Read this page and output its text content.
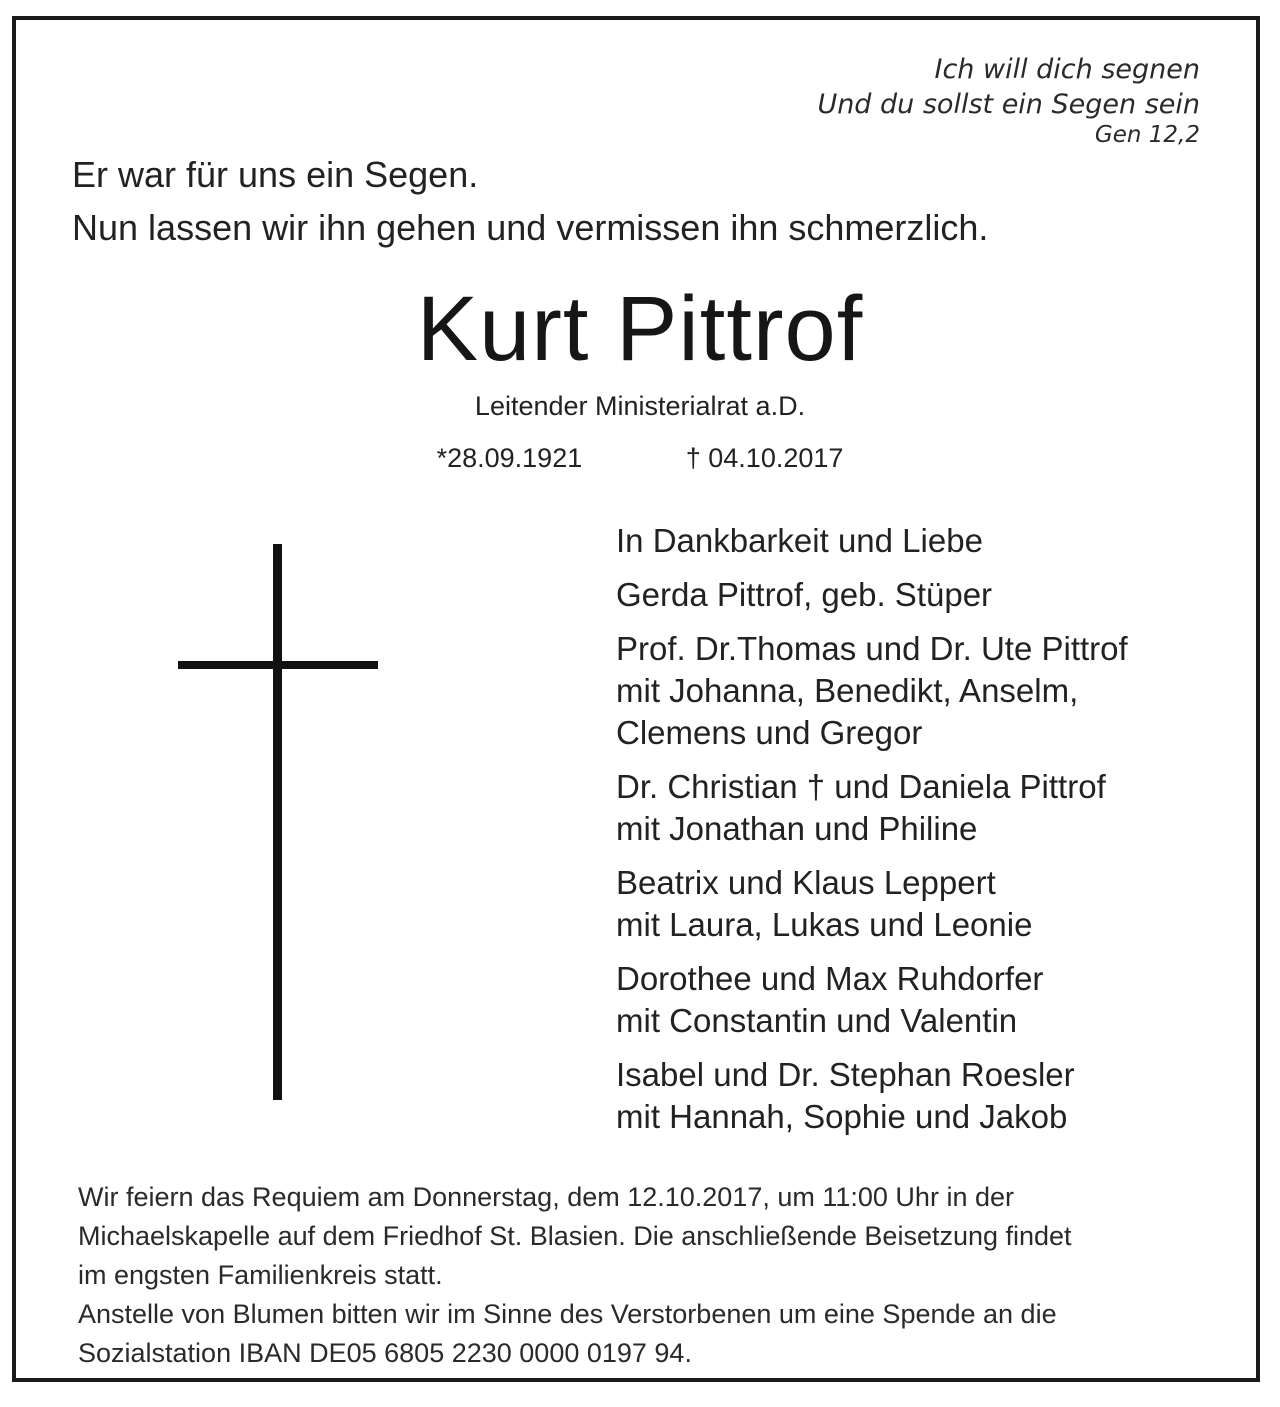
Ich will dich segnen
Und du sollst ein Segen sein
Gen 12,2
Er war für uns ein Segen.
Nun lassen wir ihn gehen und vermissen ihn schmerzlich.
Kurt Pittrof
Leitender Ministerialrat a.D.
*28.09.1921	† 04.10.2017
In Dankbarkeit und Liebe
Gerda Pittrof, geb. Stüper
Prof. Dr.Thomas und Dr. Ute Pittrof
mit Johanna, Benedikt, Anselm,
Clemens und Gregor
Dr. Christian † und Daniela Pittrof
mit Jonathan und Philine
Beatrix und Klaus Leppert
mit Laura, Lukas und Leonie
Dorothee und Max Ruhdorfer
mit Constantin und Valentin
Isabel und Dr. Stephan Roesler
mit Hannah, Sophie und Jakob
Wir feiern das Requiem am Donnerstag, dem 12.10.2017, um 11:00 Uhr in der
Michaelskapelle auf dem Friedhof St. Blasien. Die anschließende Beisetzung findet
im engsten Familienkreis statt.
Anstelle von Blumen bitten wir im Sinne des Verstorbenen um eine Spende an die
Sozialstation IBAN DE05 6805 2230 0000 0197 94.
